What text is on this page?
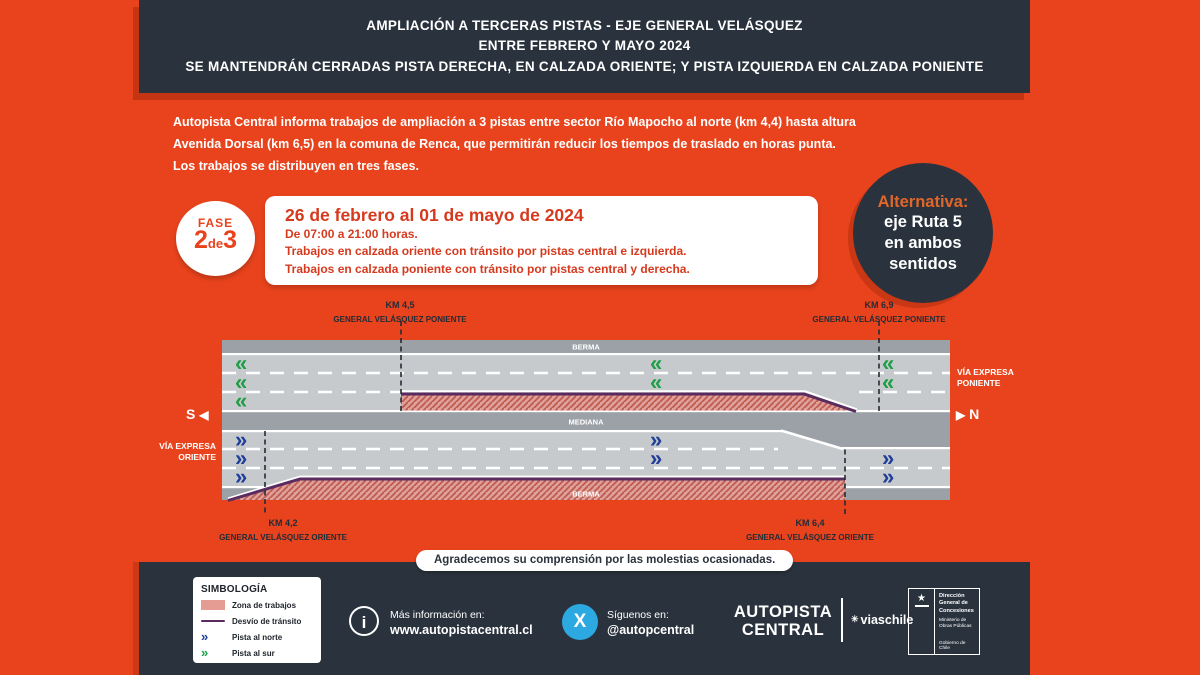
AMPLIACIÓN A TERCERAS PISTAS - EJE GENERAL VELÁSQUEZ
ENTRE FEBRERO Y MAYO 2024
SE MANTENDRÁN CERRADAS PISTA DERECHA, EN CALZADA ORIENTE; Y PISTA IZQUIERDA EN CALZADA PONIENTE
Autopista Central informa trabajos de ampliación a 3 pistas entre sector Río Mapocho al norte (km 4,4) hasta altura
Avenida Dorsal (km 6,5) en la comuna de Renca, que permitirán reducir los tiempos de traslado en horas punta.
Los trabajos se distribuyen en tres fases.
FASE
2de3
26 de febrero al 01 de mayo de 2024
De 07:00 a 21:00 horas.
Trabajos en calzada oriente con tránsito por pistas central e izquierda.
Trabajos en calzada poniente con tránsito por pistas central y derecha.
Alternativa:
eje Ruta 5
en ambos
sentidos
KM 4,5
GENERAL VELÁSQUEZ PONIENTE
KM 6,9
GENERAL VELÁSQUEZ PONIENTE
KM 4,2
GENERAL VELÁSQUEZ ORIENTE
KM 6,4
GENERAL VELÁSQUEZ ORIENTE
«
«
«
«
«
«
«
»
»
»
»
»	»
»
BERMA
MEDIANA
BERMA
S ◀	▶ N
VÍA EXPRESA
PONIENTE
VÍA EXPRESA
ORIENTE
Agradecemos su comprensión por las molestias ocasionadas.
SIMBOLOGÍA
Zona de trabajos
Desvío de tránsito
»	Pista al norte
»	Pista al sur
i	Más información en:
www.autopistacentral.cl	X	Síguenos en:
@autopcentral
AUTOPISTA
CENTRAL
✳ viaschile
★	Dirección
General de
Concesiones
Ministerio de
Obras Públicas
Gobierno de Chile
